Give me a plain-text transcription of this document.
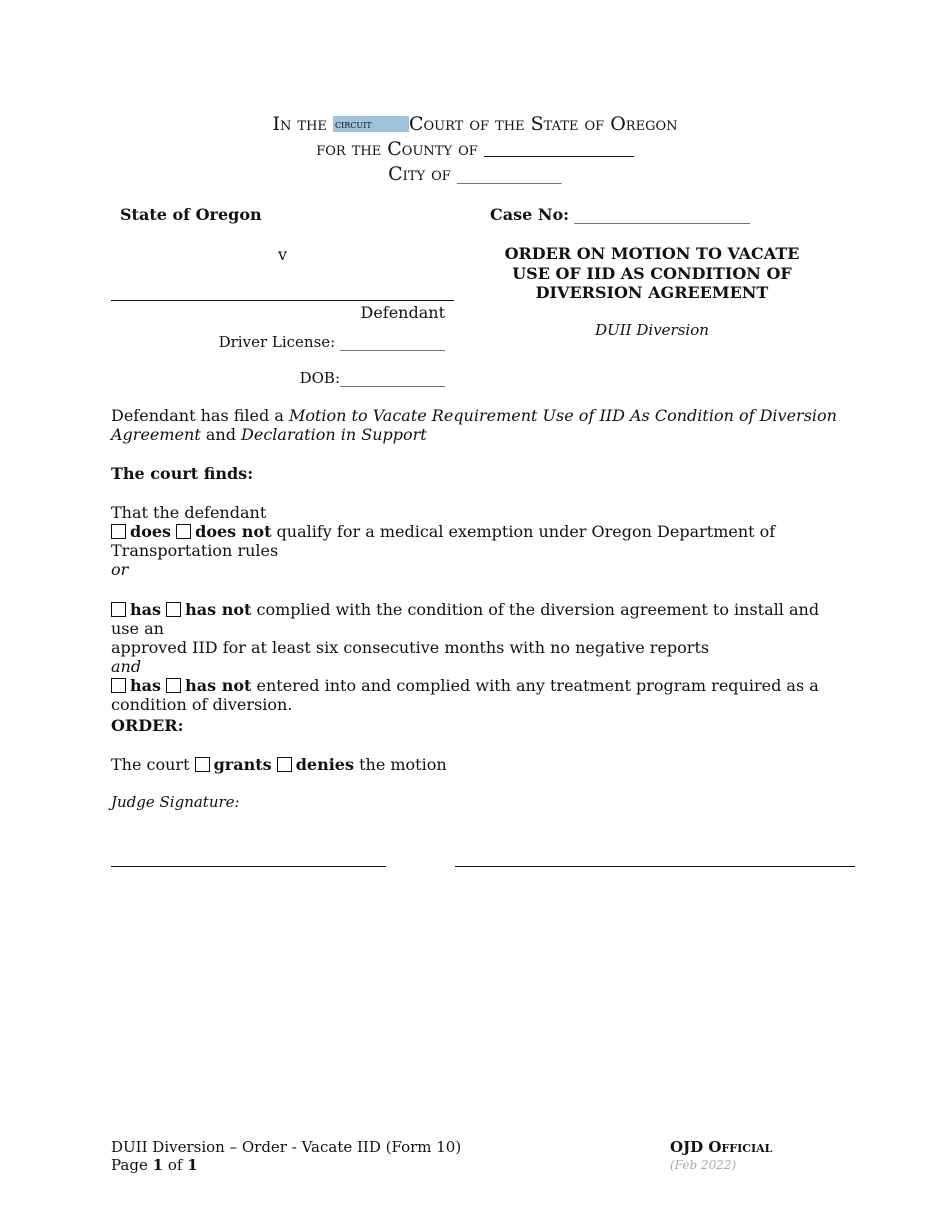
In the circuit Court of the State of Oregon
for the County of
City of ______________
State of Oregon
v
Defendant
Driver License: ______________
DOB:______________
Case No: ______________________
ORDER ON MOTION TO VACATE
USE OF IID AS CONDITION OF
DIVERSION AGREEMENT
DUII Diversion
Defendant has filed a Motion to Vacate Requirement Use of IID As Condition of Diversion
Agreement and Declaration in Support
The court finds:
That the defendant
does does not qualify for a medical exemption under Oregon Department of
Transportation rules
or
has has not complied with the condition of the diversion agreement to install and use an
approved IID for at least six consecutive months with no negative reports
and
has has not entered into and complied with any treatment program required as a
condition of diversion.
ORDER:
The court grants denies the motion
Judge Signature:
DUII Diversion – Order - Vacate IID (Form 10)
Page 1 of 1
OJD Official
(Feb 2022)
